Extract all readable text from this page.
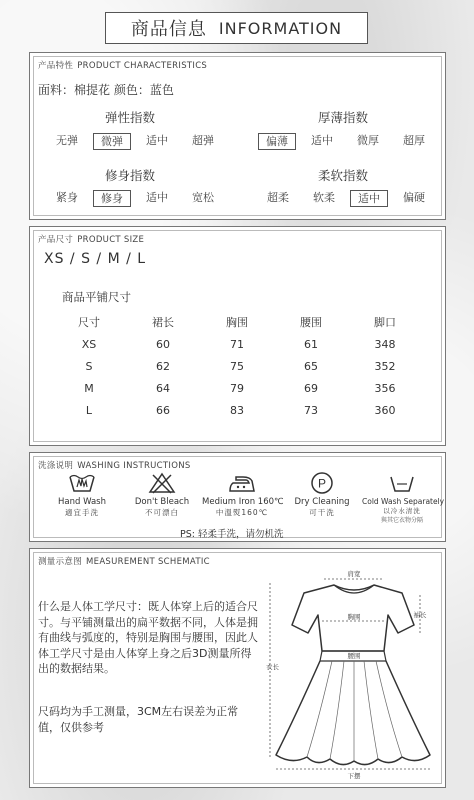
商品信息 INFORMATION
产品特性 PRODUCT CHARACTERISTICS
面料：棉提花 颜色：蓝色
弹性指数
无弹	微弹	适中	超弹
厚薄指数
偏薄	适中	微厚	超厚
修身指数
紧身	修身	适中	宽松
柔软指数
超柔	软柔	适中	偏硬
产品尺寸 PRODUCT SIZE
XS / S / M / L
商品平铺尺寸
尺寸	裙长	胸围	腰围	脚口
XS	60	71	61	348
S	62	75	65	352
M	64	79	69	356
L	66	83	73	360
洗涤说明 WASHING INSTRUCTIONS
Hand Wash
適宜手洗
Don't Bleach
不可漂白
Medium Iron 160℃
中溫熨160℃
P
Dry Cleaning
可干洗
Cold Wash Separately
以冷水清洗
與其它衣物分隔
PS: 轻柔手洗，请勿机洗
测量示意图 MEASUREMENT SCHEMATIC
什么是人体工学尺寸：既人体穿上后的适合尺寸。与平铺测量出的扁平数据不同，人体是拥有曲线与弧度的，特别是胸围与腰围，因此人体工学尺寸是由人体穿上身之后3D测量所得出的数据结果。
尺码均为手工测量，3CM左右误差为正常值，仅供参考
肩宽
胸围
腰围
袖长
衣长
下摆
